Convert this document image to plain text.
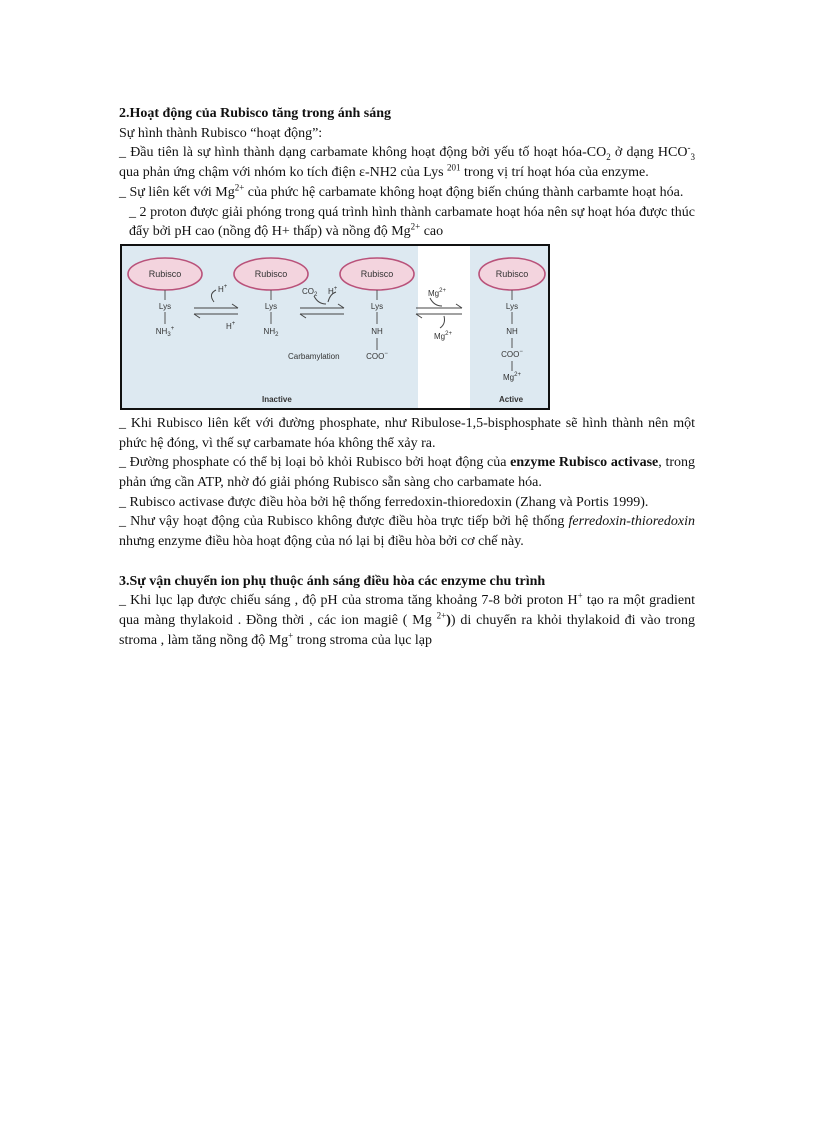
2.Hoạt động của Rubisco tăng trong ánh sáng

Sự hình thành Rubisco “hoạt động”:

_ Đầu tiên là sự hình thành dạng carbamate không hoạt động bởi yếu tố hoạt hóa-$CO_2$ ở dạng $HCO^-_3$ qua phản ứng chậm với nhóm ko tích điện ε-NH2 của Lys $^{201}$ trong vị trí hoạt hóa của enzyme.

_ Sự liên kết với $Mg^{2+}$ của phức hệ carbamate không hoạt động biến chúng thành carbamte hoạt hóa.

_ 2 proton được giải phóng trong quá trình hình thành carbamate hoạt hóa nên sự hoạt hóa được thúc đẩy bởi pH cao (nồng độ H+ thấp) và nồng độ $Mg^{2+}$ cao

Rubisco
Lys
$NH_3^+$
H+
H+
Rubisco
Lys
$NH_2$
$CO_2$ H+
Carbamylation
Rubisco
Lys
NH
COO−
$Mg^{2+}$
$Mg^{2+}$
Rubisco
Lys
NH
COO−
$Mg^{2+}$
Inactive	Active

_ Khi Rubisco liên kết với đường phosphate, như Ribulose-1,5-bisphosphate sẽ hình thành nên một phức hệ đóng, vì thế sự carbamate hóa không thể xảy ra.

_ Đường phosphate có thể bị loại bỏ khỏi Rubisco bởi hoạt động của enzyme Rubisco activase, trong phản ứng cần ATP, nhờ đó giải phóng Rubisco sẵn sàng cho carbamate hóa.

_ Rubisco activase được điều hòa bởi hệ thống ferredoxin-thioredoxin (Zhang và Portis 1999).

_ Như vậy hoạt động của Rubisco không được điều hòa trực tiếp bởi hệ thống ferredoxin-thioredoxin nhưng enzyme điều hòa hoạt động của nó lại bị điều hòa bởi cơ chế này.

3.Sự vận chuyển ion phụ thuộc ánh sáng điều hòa các enzyme chu trình

_ Khi lục lạp được chiếu sáng , độ pH của stroma tăng khoảng 7-8 bởi proton H+ tạo ra một gradient qua màng thylakoid . Đồng thời , các ion magiê ( Mg $^{2+}$)) di chuyển ra khỏi thylakoid đi vào trong stroma , làm tăng nồng độ Mg+ trong stroma của lục lạp
